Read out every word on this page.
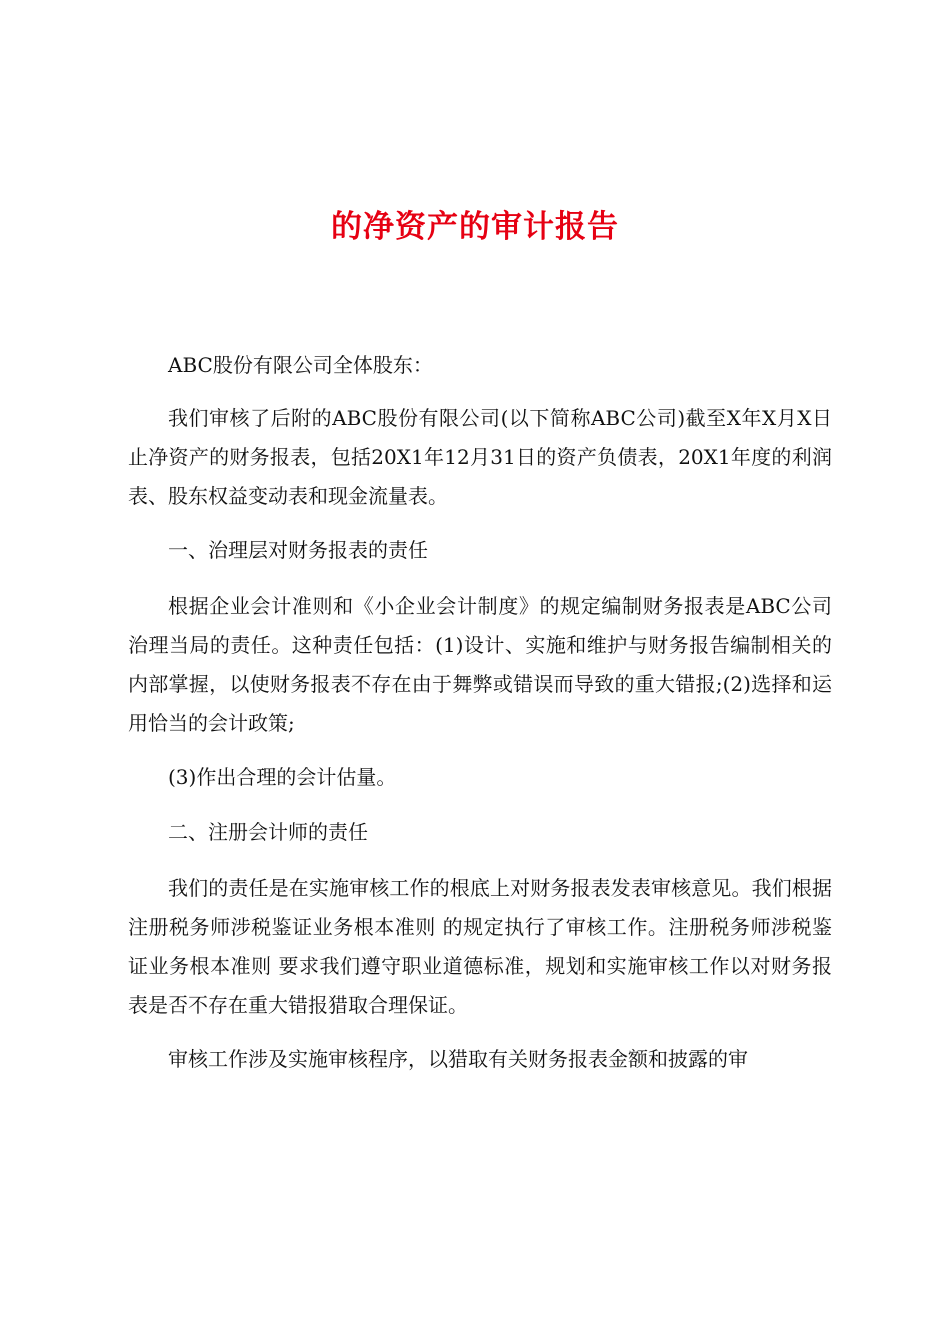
的净资产的审计报告

ABC股份有限公司全体股东：

我们审核了后附的ABC股份有限公司(以下简称ABC公司)截至X年X月X日止净资产的财务报表，包括20X1年12月31日的资产负债表，20X1年度的利润表、股东权益变动表和现金流量表。

一、治理层对财务报表的责任

根据企业会计准则和《小企业会计制度》的规定编制财务报表是ABC公司治理当局的责任。这种责任包括：(1)设计、实施和维护与财务报告编制相关的内部掌握，以使财务报表不存在由于舞弊或错误而导致的重大错报;(2)选择和运用恰当的会计政策;

(3)作出合理的会计估量。

二、注册会计师的责任

我们的责任是在实施审核工作的根底上对财务报表发表审核意见。我们根据注册税务师涉税鉴证业务根本准则 的规定执行了审核工作。注册税务师涉税鉴证业务根本准则 要求我们遵守职业道德标准，规划和实施审核工作以对财务报表是否不存在重大错报猎取合理保证。

审核工作涉及实施审核程序，以猎取有关财务报表金额和披露的审
